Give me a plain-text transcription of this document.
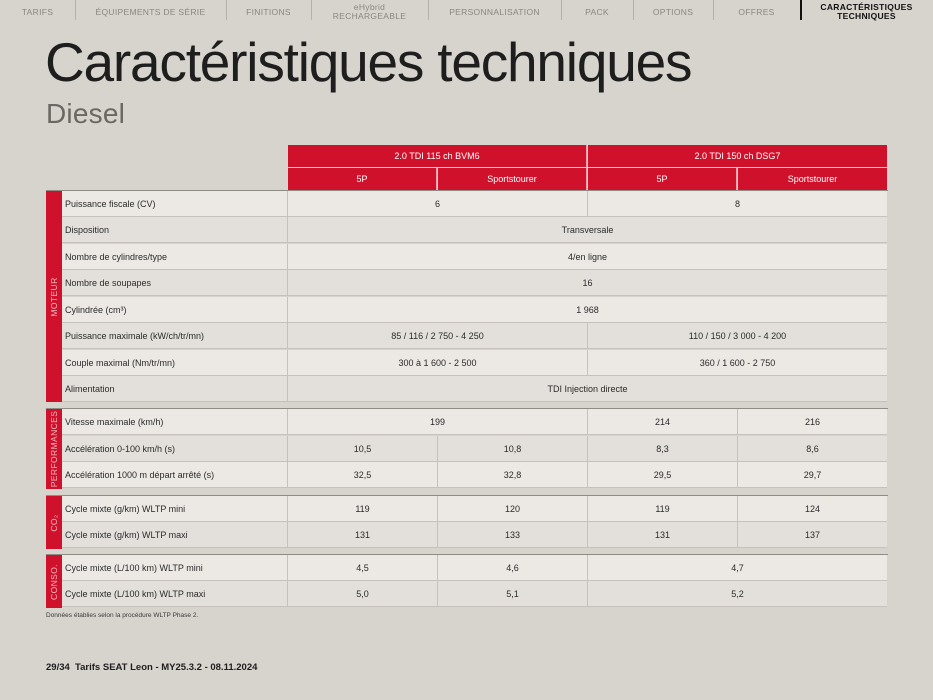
TARIFS	ÉQUIPEMENTS DE SÉRIE	FINITIONS	eHybrid
RECHARGEABLE	PERSONNALISATION	PACK	OPTIONS	OFFRES	CARACTÉRISTIQUES
TECHNIQUES
Caractéristiques techniques
Diesel
2.0 TDI 115 ch BVM6	2.0 TDI 150 ch DSG7
5P	Sportstourer	5P	Sportstourer
MOTEUR
Puissance fiscale (CV)	6	8
Disposition	Transversale
Nombre de cylindres/type	4/en ligne
Nombre de soupapes	16
Cylindrée (cm³)	1 968
Puissance maximale (kW/ch/tr/mn)	85 / 116 / 2 750 - 4 250	110 / 150 / 3 000 - 4 200
Couple maximal (Nm/tr/mn)	300 à 1 600 - 2 500	360 / 1 600 - 2 750
Alimentation	TDI Injection directe
PERFORMANCES Vitesse maximale (km/h)	199	214	216
Accélération 0-100 km/h (s)	10,5	10,8	8,3	8,6
Accélération 1000 m départ arrêté (s)	32,5	32,8	29,5	29,7
CO₂
Cycle mixte (g/km) WLTP mini	119	120	119	124
Cycle mixte (g/km) WLTP maxi	131	133	131	137
CONSO. Cycle mixte (L/100 km) WLTP mini	4,5	4,6	4,7
Cycle mixte (L/100 km) WLTP maxi	5,0	5,1	5,2
Données établies selon la procédure WLTP Phase 2.
29/34  Tarifs SEAT Leon - MY25.3.2 - 08.11.2024
